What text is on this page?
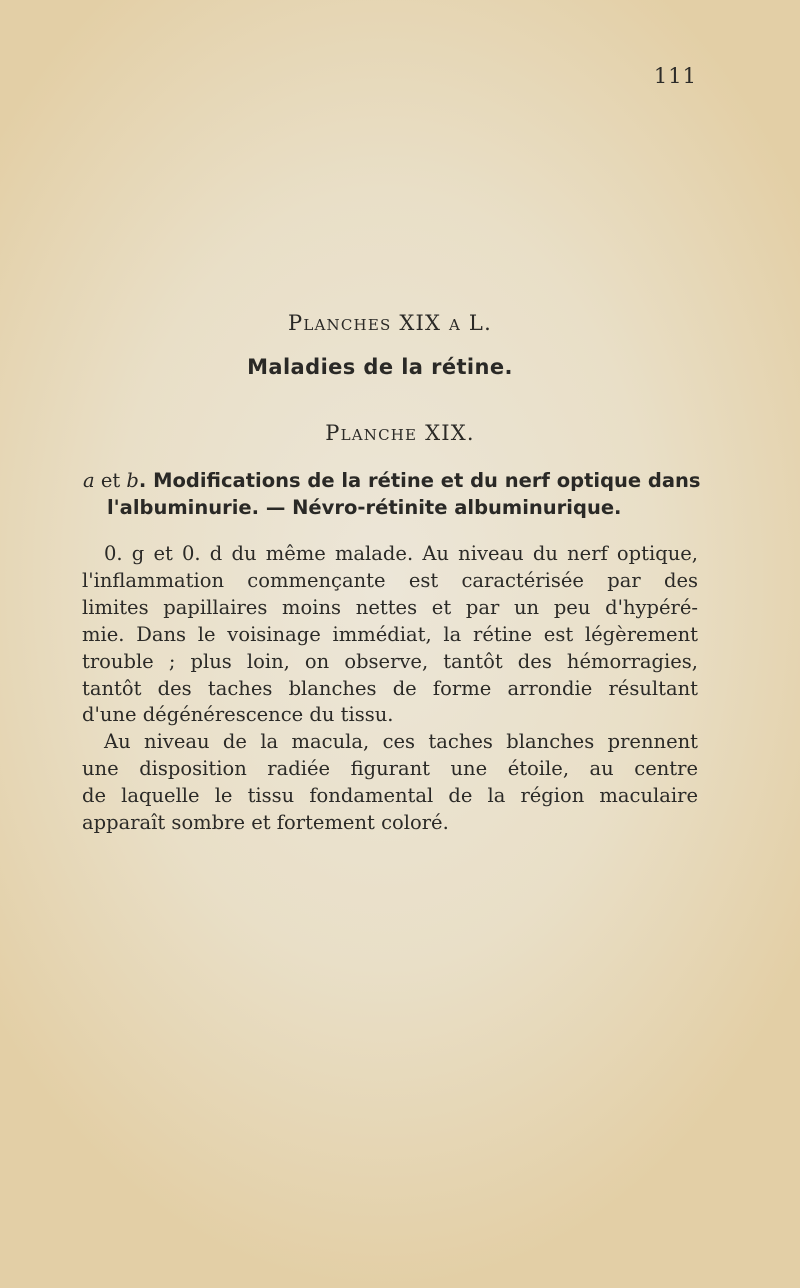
111
Planches XIX a L.
Maladies de la rétine.
Planche XIX.
a et b. Modifications de la rétine et du nerf optique dans
l'albuminurie. — Névro-rétinite albuminurique.

0. g et 0. d du même malade. Au niveau du nerf optique,
l'inflammation commençante est caractérisée par des
limites papillaires moins nettes et par un peu d'hypéré-
mie. Dans le voisinage immédiat, la rétine est légèrement
trouble ; plus loin, on observe, tantôt des hémorragies,
tantôt des taches blanches de forme arrondie résultant
d'une dégénérescence du tissu.

Au niveau de la macula, ces taches blanches prennent
une disposition radiée figurant une étoile, au centre
de laquelle le tissu fondamental de la région maculaire
apparaît sombre et fortement coloré.
